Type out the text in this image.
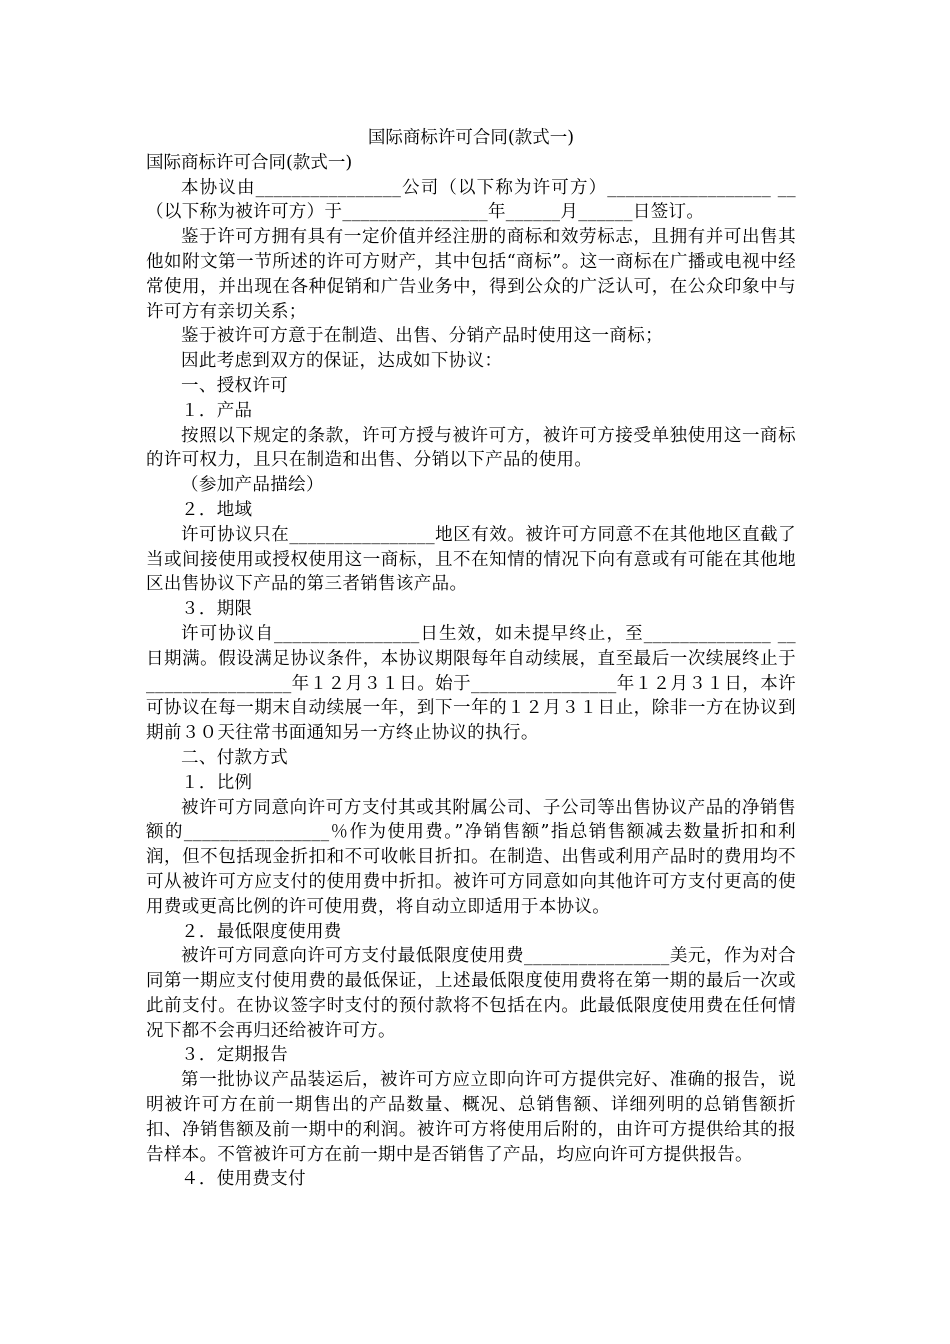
国际商标许可合同(款式一)

国际商标许可合同(款式一)

本协议由________________公司（以下称为许可方）__________________ __（以下称为被许可方）于________________年______月______日签订。

鉴于许可方拥有具有一定价值并经注册的商标和效劳标志，且拥有并可出售其他如附文第一节所述的许可方财产，其中包括“商标”。这一商标在广播或电视中经常使用，并出现在各种促销和广告业务中，得到公众的广泛认可，在公众印象中与许可方有亲切关系；

鉴于被许可方意于在制造、出售、分销产品时使用这一商标；

因此考虑到双方的保证，达成如下协议：

一、授权许可

１．产品

按照以下规定的条款，许可方授与被许可方，被许可方接受单独使用这一商标的许可权力，且只在制造和出售、分销以下产品的使用。

（参加产品描绘）

２．地域

许可协议只在________________地区有效。被许可方同意不在其他地区直截了当或间接使用或授权使用这一商标，且不在知情的情况下向有意或有可能在其他地区出售协议下产品的第三者销售该产品。

３．期限

许可协议自________________日生效，如未提早终止，至______________ __日期满。假设满足协议条件，本协议期限每年自动续展，直至最后一次续展终止于________________年１２月３１日。始于________________年１２月３１日，本许可协议在每一期末自动续展一年，到下一年的１２月３１日止，除非一方在协议到期前３０天往常书面通知另一方终止协议的执行。

二、付款方式

１．比例

被许可方同意向许可方支付其或其附属公司、子公司等出售协议产品的净销售额的________________％作为使用费。”净销售额”指总销售额减去数量折扣和利润，但不包括现金折扣和不可收帐目折扣。在制造、出售或利用产品时的费用均不可从被许可方应支付的使用费中折扣。被许可方同意如向其他许可方支付更高的使用费或更高比例的许可使用费，将自动立即适用于本协议。

２．最低限度使用费

被许可方同意向许可方支付最低限度使用费________________美元，作为对合同第一期应支付使用费的最低保证，上述最低限度使用费将在第一期的最后一次或此前支付。在协议签字时支付的预付款将不包括在内。此最低限度使用费在任何情况下都不会再归还给被许可方。

３．定期报告

第一批协议产品装运后，被许可方应立即向许可方提供完好、准确的报告，说明被许可方在前一期售出的产品数量、概况、总销售额、详细列明的总销售额折扣、净销售额及前一期中的利润。被许可方将使用后附的，由许可方提供给其的报告样本。不管被许可方在前一期中是否销售了产品，均应向许可方提供报告。

４．使用费支付
